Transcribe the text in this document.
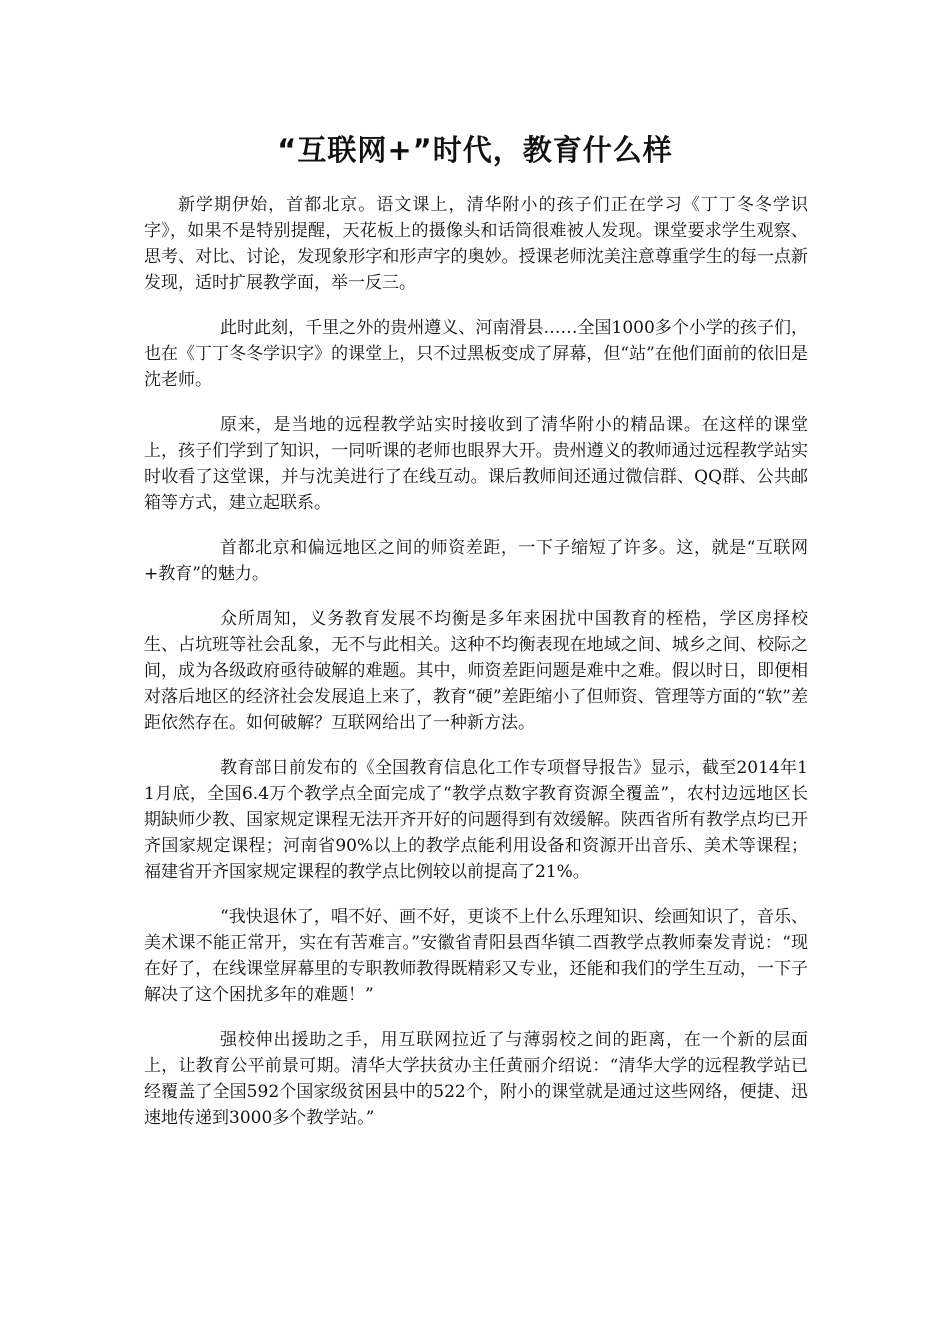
“互联网+”时代，教育什么样

新学期伊始，首都北京。语文课上，清华附小的孩子们正在学习《丁丁冬冬学识字》，如果不是特别提醒，天花板上的摄像头和话筒很难被人发现。课堂要求学生观察、思考、对比、讨论，发现象形字和形声字的奥妙。授课老师沈美注意尊重学生的每一点新发现，适时扩展教学面，举一反三。

此时此刻，千里之外的贵州遵义、河南滑县……全国1000多个小学的孩子们，也在《丁丁冬冬学识字》的课堂上，只不过黑板变成了屏幕，但“站”在他们面前的依旧是沈老师。

原来，是当地的远程教学站实时接收到了清华附小的精品课。在这样的课堂上，孩子们学到了知识，一同听课的老师也眼界大开。贵州遵义的教师通过远程教学站实时收看了这堂课，并与沈美进行了在线互动。课后教师间还通过微信群、QQ群、公共邮箱等方式，建立起联系。

首都北京和偏远地区之间的师资差距，一下子缩短了许多。这，就是“互联网+教育”的魅力。

众所周知，义务教育发展不均衡是多年来困扰中国教育的桎梏，学区房择校生、占坑班等社会乱象，无不与此相关。这种不均衡表现在地域之间、城乡之间、校际之间，成为各级政府亟待破解的难题。其中，师资差距问题是难中之难。假以时日，即便相对落后地区的经济社会发展追上来了，教育“硬”差距缩小了但师资、管理等方面的“软”差距依然存在。如何破解？互联网给出了一种新方法。

教育部日前发布的《全国教育信息化工作专项督导报告》显示，截至2014年11月底，全国6.4万个教学点全面完成了“教学点数字教育资源全覆盖”，农村边远地区长期缺师少教、国家规定课程无法开齐开好的问题得到有效缓解。陕西省所有教学点均已开齐国家规定课程；河南省90%以上的教学点能利用设备和资源开出音乐、美术等课程；福建省开齐国家规定课程的教学点比例较以前提高了21%。

“我快退休了，唱不好、画不好，更谈不上什么乐理知识、绘画知识了，音乐、美术课不能正常开，实在有苦难言。”安徽省青阳县酉华镇二酉教学点教师秦发青说：“现在好了，在线课堂屏幕里的专职教师教得既精彩又专业，还能和我们的学生互动，一下子解决了这个困扰多年的难题！”

强校伸出援助之手，用互联网拉近了与薄弱校之间的距离，在一个新的层面上，让教育公平前景可期。清华大学扶贫办主任黄丽介绍说：“清华大学的远程教学站已经覆盖了全国592个国家级贫困县中的522个，附小的课堂就是通过这些网络，便捷、迅速地传递到3000多个教学站。”
